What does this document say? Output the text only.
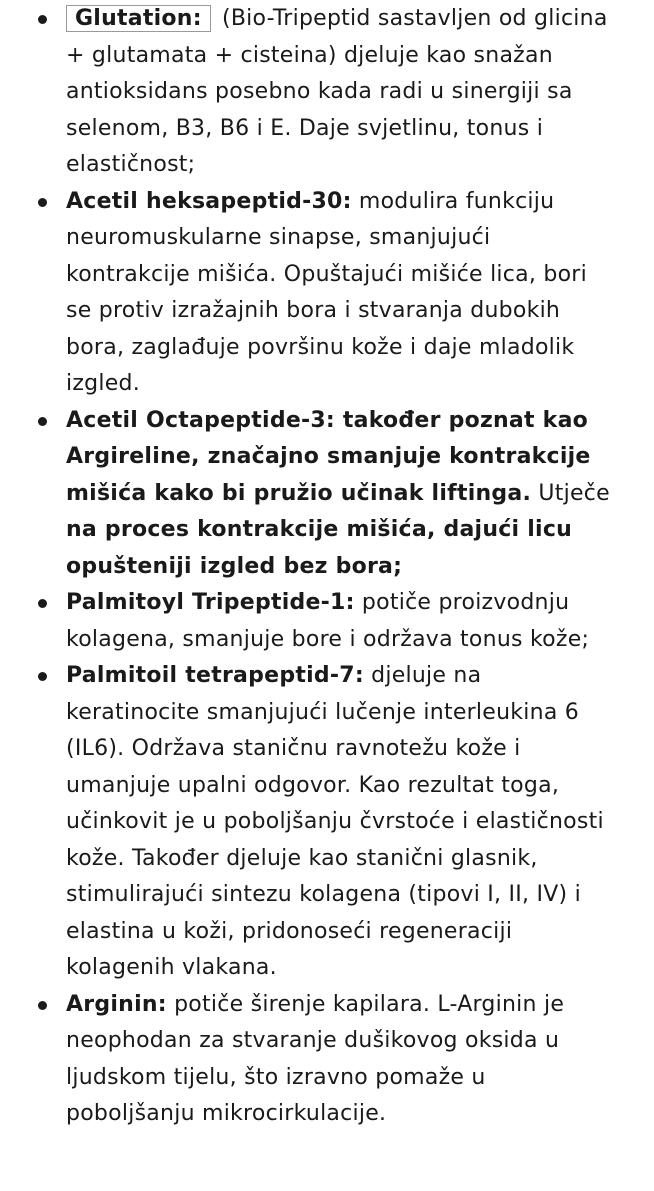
Glutation: (Bio-Tripeptid sastavljen od glicina + glutamata + cisteina) djeluje kao snažan antioksidans posebno kada radi u sinergiji sa selenom, B3, B6 i E. Daje svjetlinu, tonus i elastičnost;
Acetil heksapeptid-30: modulira funkciju neuromuskularne sinapse, smanjujući kontrakcije mišića. Opuštajući mišiće lica, bori se protiv izražajnih bora i stvaranja dubokih bora, zaglađuje površinu kože i daje mladolik izgled.
Acetil Octapeptide-3: također poznat kao Argireline, značajno smanjuje kontrakcije mišića kako bi pružio učinak liftinga. Utječe na proces kontrakcije mišića, dajući licu opušteniji izgled bez bora;
Palmitoyl Tripeptide-1: potiče proizvodnju kolagena, smanjuje bore i održava tonus kože;
Palmitoil tetrapeptid-7: djeluje na keratinocite smanjujući lučenje interleukina 6 (IL6). Održava staničnu ravnotežu kože i umanjuje upalni odgovor. Kao rezultat toga, učinkovit je u poboljšanju čvrstoće i elastičnosti kože. Također djeluje kao stanični glasnik, stimulirajući sintezu kolagena (tipovi I, II, IV) i elastina u koži, pridonoseći regeneraciji kolagenih vlakana.
Arginin: potiče širenje kapilara. L-Arginin je neophodan za stvaranje dušikovog oksida u ljudskom tijelu, što izravno pomaže u poboljšanju mikrocirkulacije.
